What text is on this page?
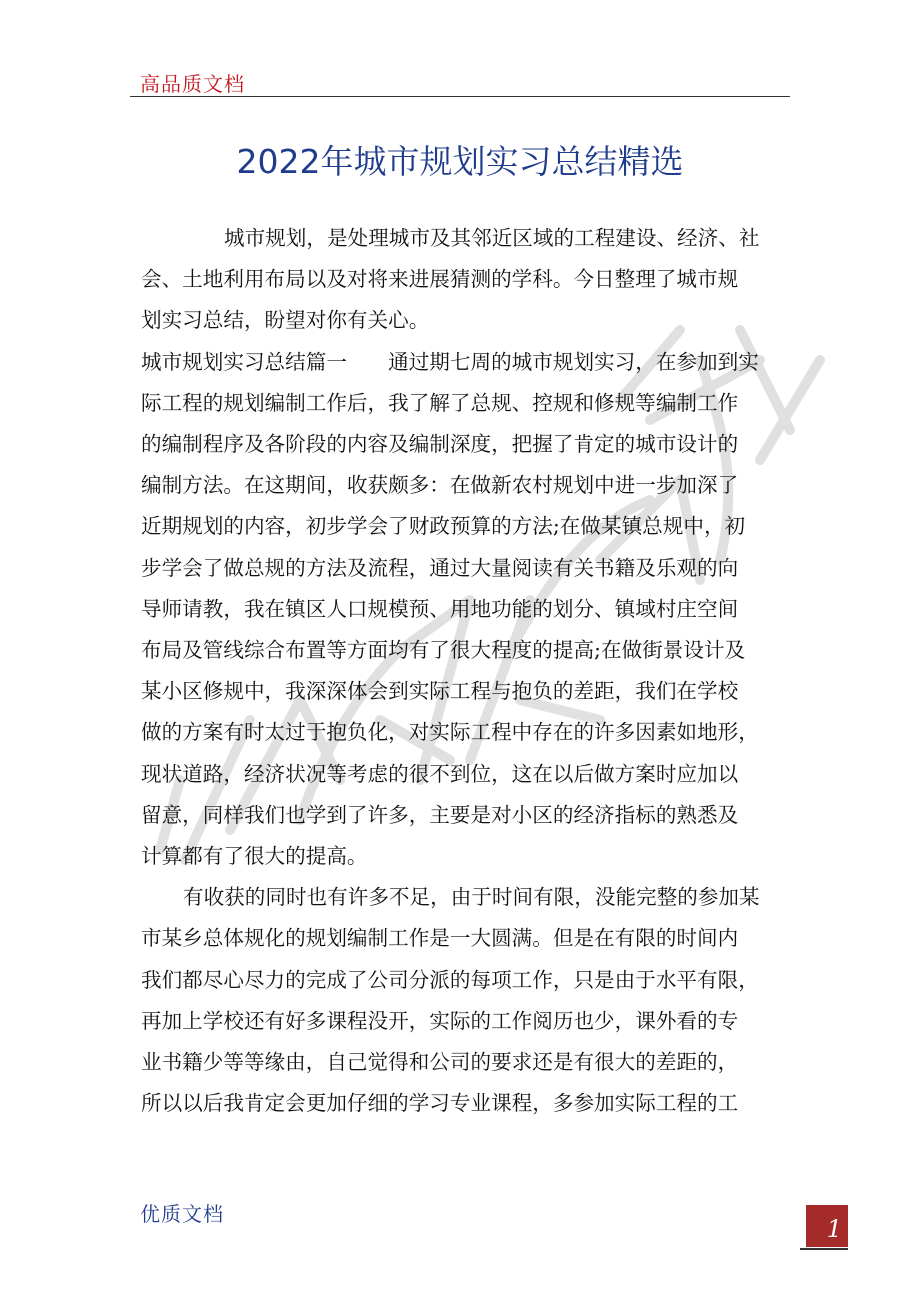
高品质文档
2022年城市规划实习总结精选

城市规划，是处理城市及其邻近区域的工程建设、经济、社

会、土地利用布局以及对将来进展猜测的学科。今日整理了城市规

划实习总结，盼望对你有关心。

城市规划实习总结篇一　　通过期七周的城市规划实习，在参加到实

际工程的规划编制工作后，我了解了总规、控规和修规等编制工作

的编制程序及各阶段的内容及编制深度，把握了肯定的城市设计的

编制方法。在这期间，收获颇多：在做新农村规划中进一步加深了

近期规划的内容，初步学会了财政预算的方法;在做某镇总规中，初

步学会了做总规的方法及流程，通过大量阅读有关书籍及乐观的向

导师请教，我在镇区人口规模预、用地功能的划分、镇域村庄空间

布局及管线综合布置等方面均有了很大程度的提高;在做街景设计及

某小区修规中，我深深体会到实际工程与抱负的差距，我们在学校

做的方案有时太过于抱负化，对实际工程中存在的许多因素如地形，

现状道路，经济状况等考虑的很不到位，这在以后做方案时应加以

留意，同样我们也学到了许多，主要是对小区的经济指标的熟悉及

计算都有了很大的提高。

有收获的同时也有许多不足，由于时间有限，没能完整的参加某

市某乡总体规化的规划编制工作是一大圆满。但是在有限的时间内

我们都尽心尽力的完成了公司分派的每项工作，只是由于水平有限，

再加上学校还有好多课程没开，实际的工作阅历也少，课外看的专

业书籍少等等缘由，自己觉得和公司的要求还是有很大的差距的，

所以以后我肯定会更加仔细的学习专业课程，多参加实际工程的工

优质文档
1
